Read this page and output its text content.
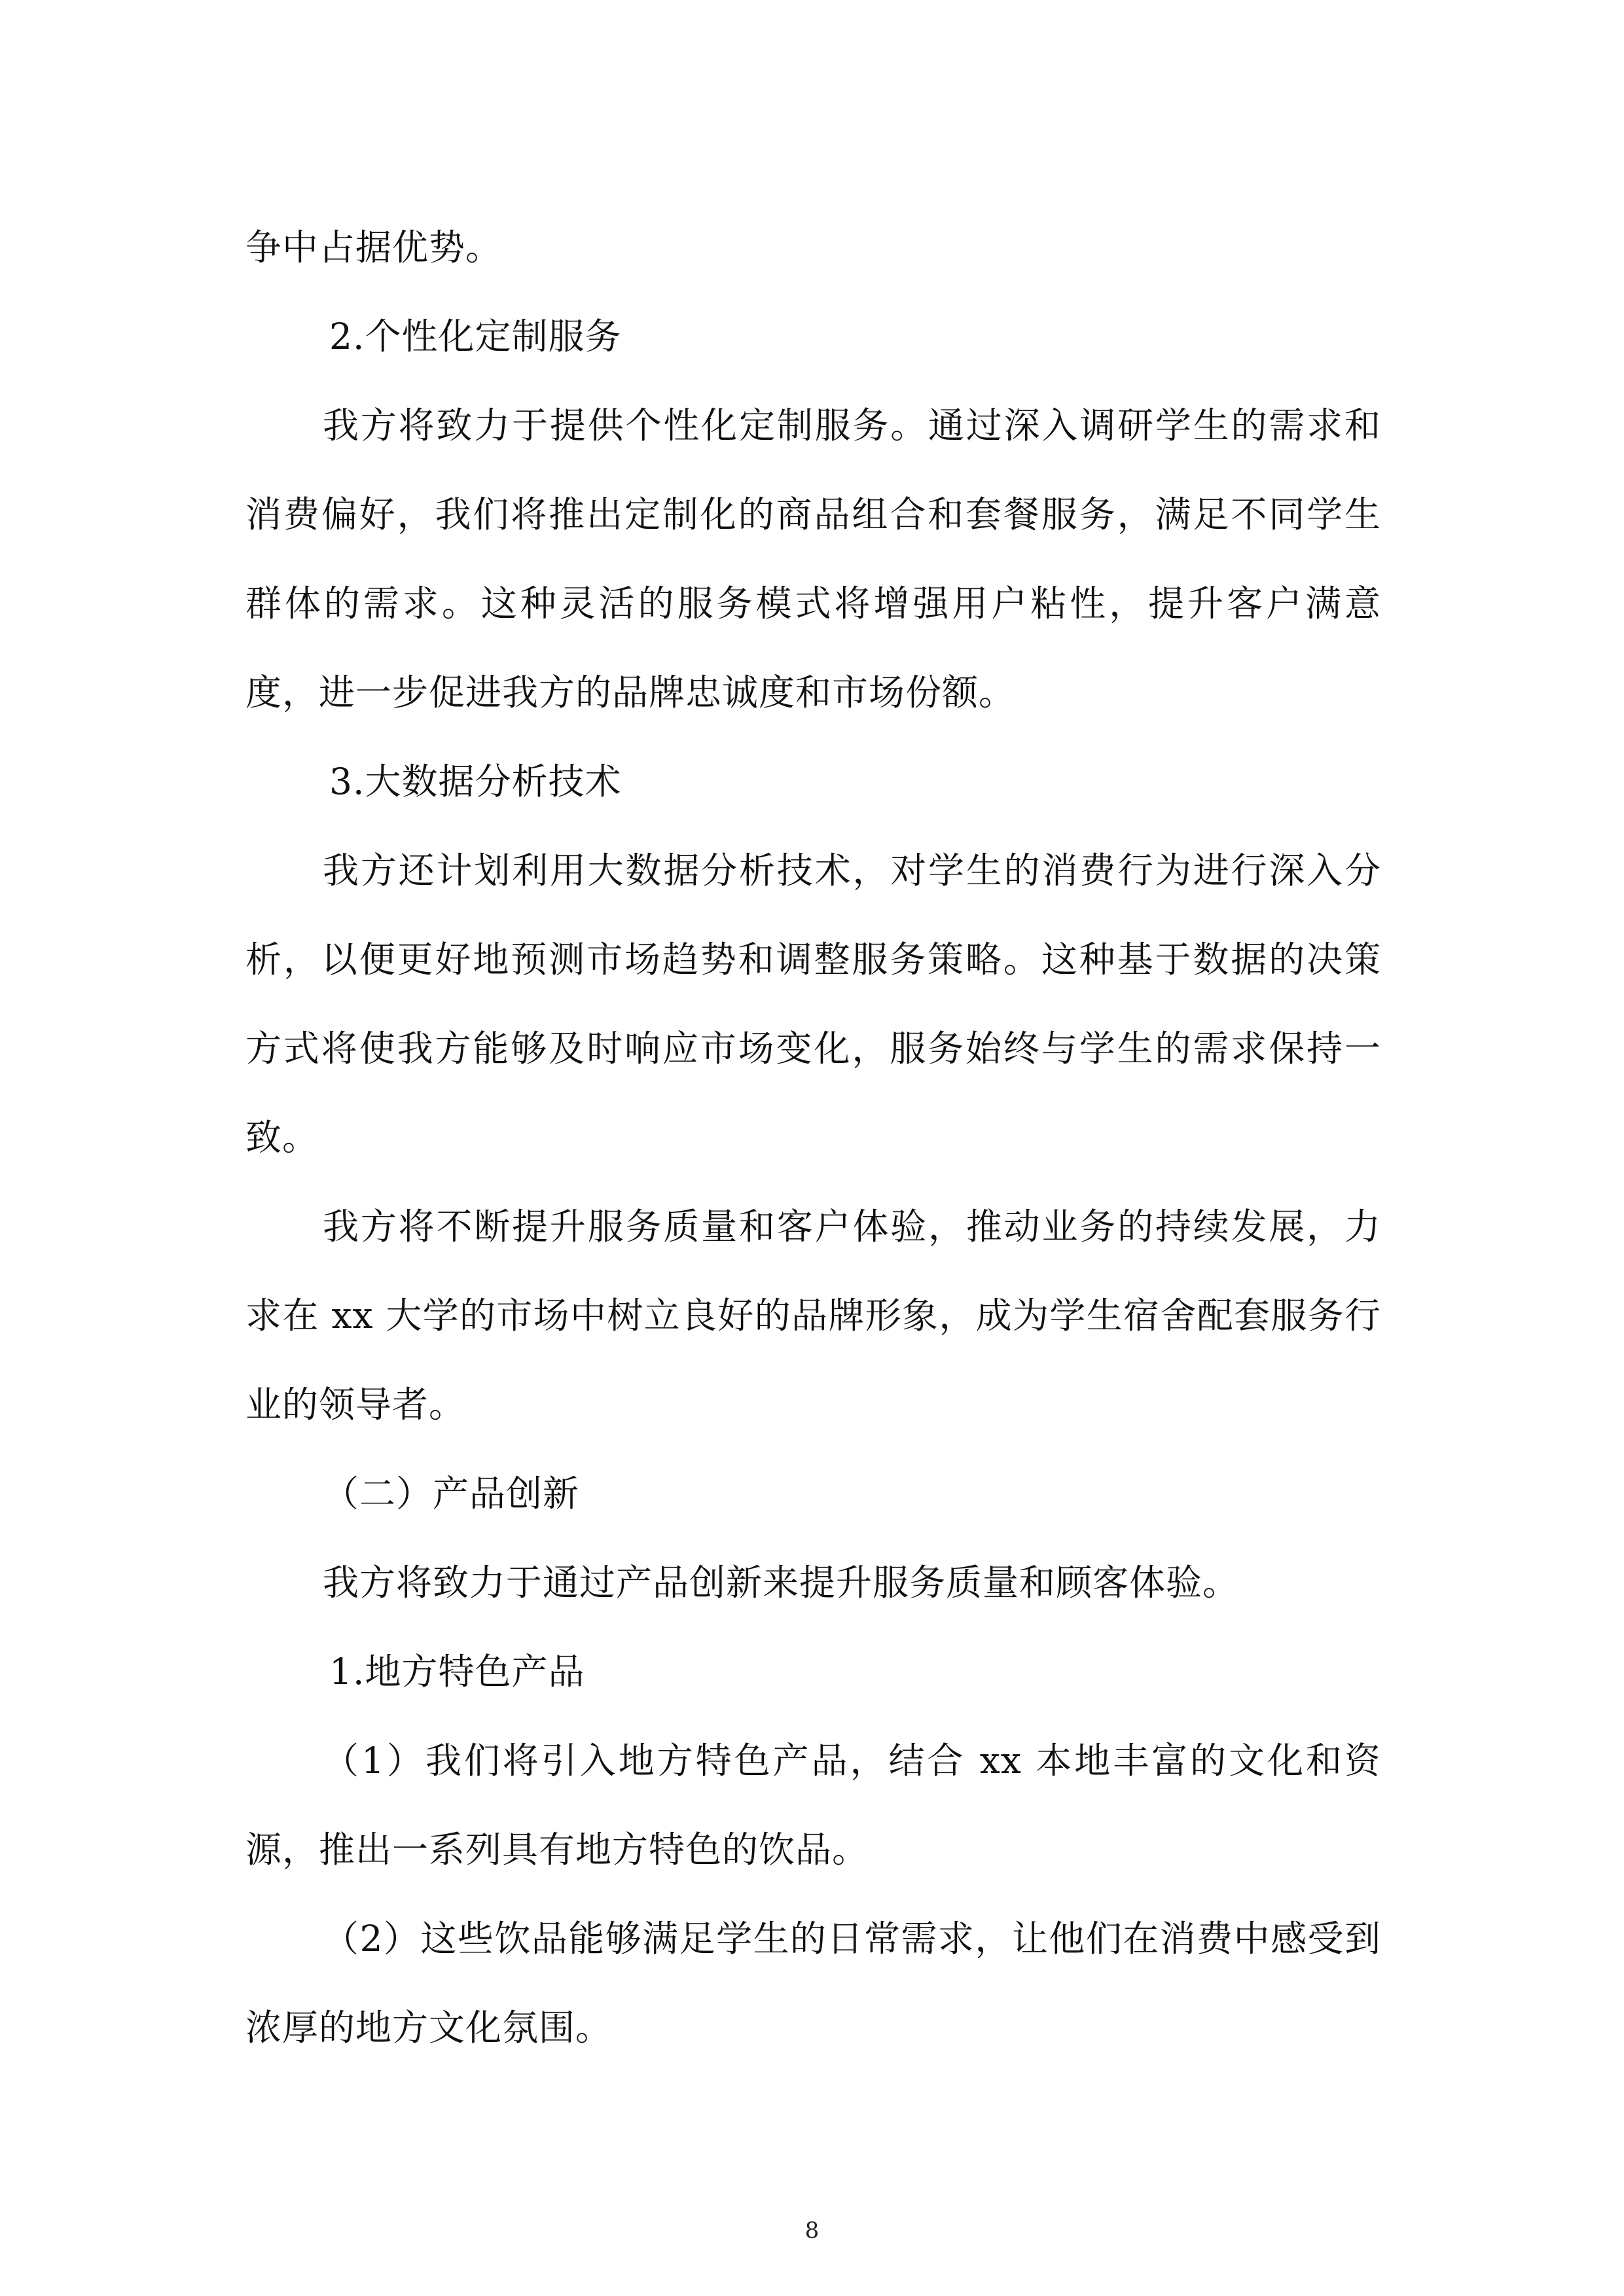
争中占据优势。

2.个性化定制服务

我方将致力于提供个性化定制服务。通过深入调研学生的需求和消费偏好，我们将推出定制化的商品组合和套餐服务，满足不同学生群体的需求。这种灵活的服务模式将增强用户粘性，提升客户满意度，进一步促进我方的品牌忠诚度和市场份额。

3.大数据分析技术

我方还计划利用大数据分析技术，对学生的消费行为进行深入分析，以便更好地预测市场趋势和调整服务策略。这种基于数据的决策方式将使我方能够及时响应市场变化，服务始终与学生的需求保持一致。

我方将不断提升服务质量和客户体验，推动业务的持续发展，力求在 xx 大学的市场中树立良好的品牌形象，成为学生宿舍配套服务行业的领导者。

（二）产品创新

我方将致力于通过产品创新来提升服务质量和顾客体验。

1.地方特色产品

（1）我们将引入地方特色产品，结合 xx 本地丰富的文化和资源，推出一系列具有地方特色的饮品。

（2）这些饮品能够满足学生的日常需求，让他们在消费中感受到浓厚的地方文化氛围。

8
